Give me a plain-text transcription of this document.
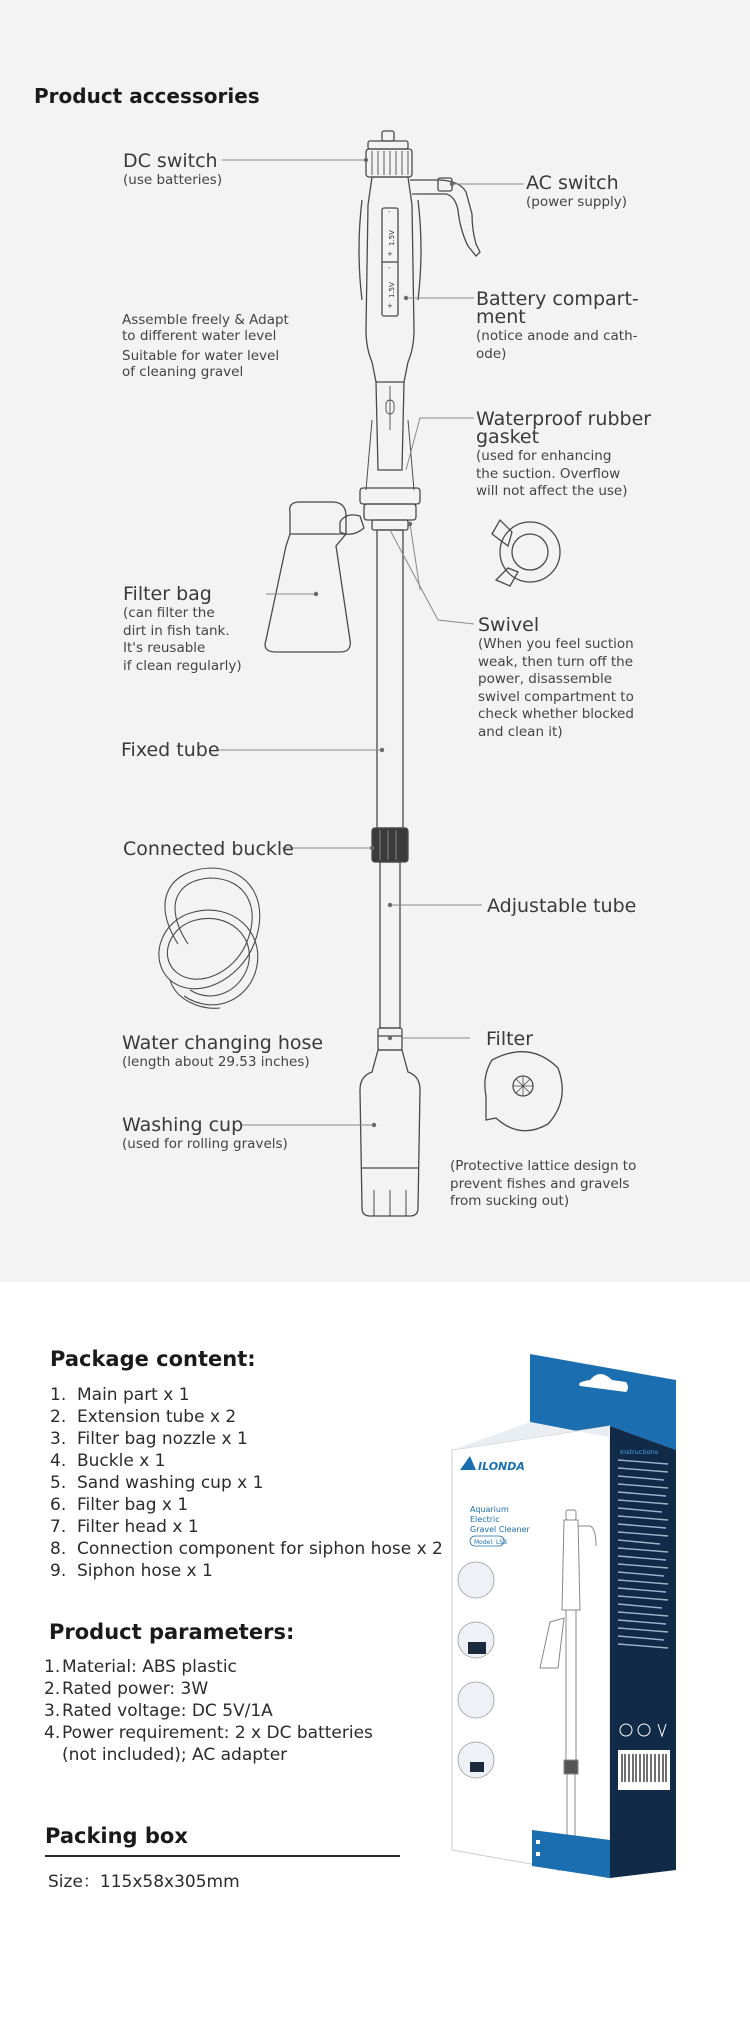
1.5V
1.5V
+
-
+
-
Product accessories
DC switch
(use batteries)	AC switch
(power supply)
Assemble freely & Adapt
to different water level
Suitable for water level
of cleaning gravel
Battery compart-
ment
(notice anode and cath-
ode)
Waterproof rubber
gasket
(used for enhancing
the suction. Overflow
will not affect the use)
Filter bag
(can filter the
dirt in fish tank.
It's reusable
if clean regularly)
Swivel
(When you feel suction
weak, then turn off the
power, disassemble
swivel compartment to
check whether blocked
and clean it)
Fixed tube
Connected buckle
Adjustable tube
Water changing hose
(length about 29.53 inches)
Filter
Washing cup
(used for rolling gravels)
(Protective lattice design to
prevent fishes and gravels
from sucking out)
Package content:
1. Main part x 1
2. Extension tube x 2
3. Filter bag nozzle x 1
4. Buckle x 1
5. Sand washing cup x 1
6. Filter bag x 1
7. Filter head x 1
8. Connection component for siphon hose x 2
9. Siphon hose x 1
Product parameters:
1. Material: ABS plastic
2. Rated power: 3W
3. Rated voltage: DC 5V/1A
4. Power requirement: 2 x DC batteries
(not included); AC adapter
Packing box
Size：115x58x305mm
Instructions
ILONDA
Aquarium
Electric
Gravel Cleaner
Model: LS8
